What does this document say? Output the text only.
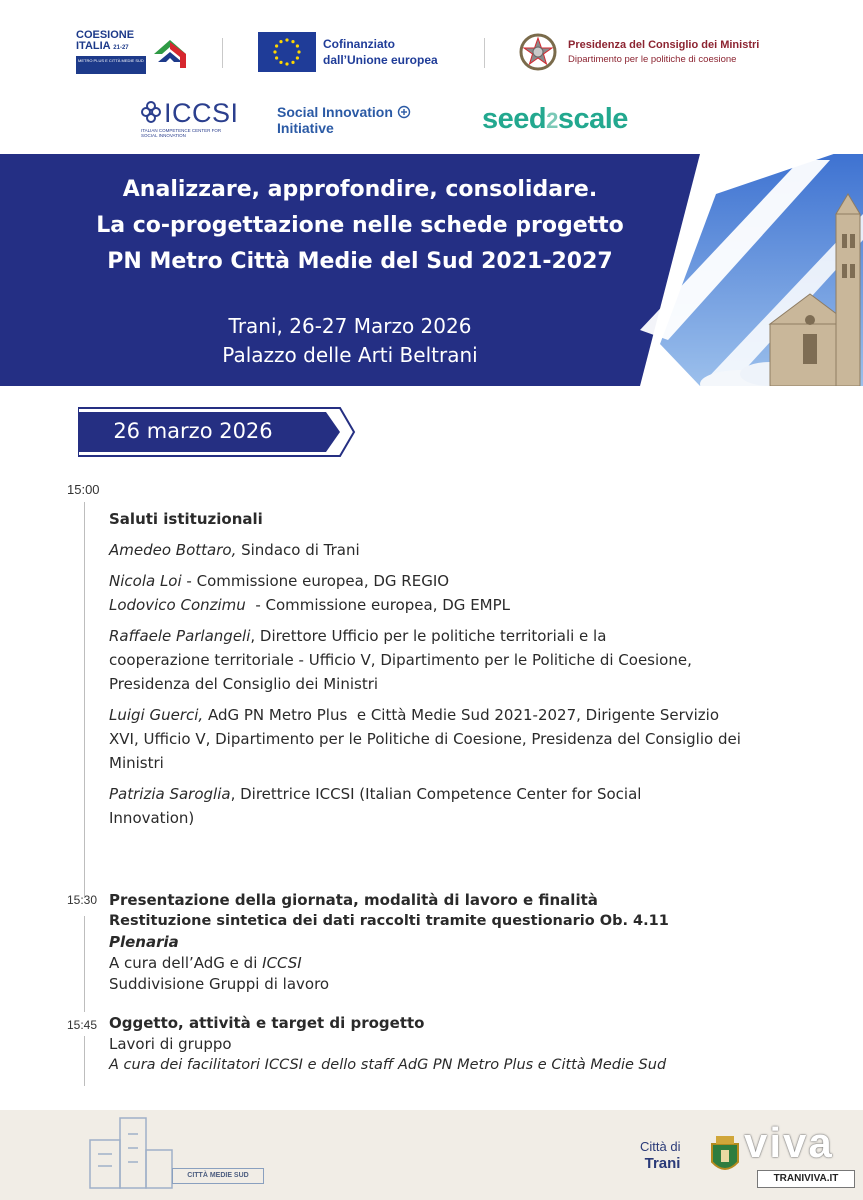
COESIONE
ITALIA 21-27
METRO PLUS E CITTÀ MEDIE SUD
Cofinanziato
dall’Unione europea
Presidenza del Consiglio dei Ministri
Dipartimento per le politiche di coesione
ICCSI
ITALIAN COMPETENCE CENTER FOR SOCIAL INNOVATION
Social Innovation
Initiative	seed2scale
Analizzare, approfondire, consolidare.
La co-progettazione nelle schede progetto
PN Metro Città Medie del Sud 2021-2027
Trani, 26-27 Marzo 2026
Palazzo delle Arti Beltrani
26 marzo 2026
15:00
Saluti istituzionali
Amedeo Bottaro, Sindaco di Trani
Nicola Loi - Commissione europea, DG REGIO
Lodovico Conzimu  - Commissione europea, DG EMPL
Raffaele Parlangeli, Direttore Ufficio per le politiche territoriali e la cooperazione territoriale - Ufficio V, Dipartimento per le Politiche di Coesione, Presidenza del Consiglio dei Ministri
Luigi Guerci, AdG PN Metro Plus  e Città Medie Sud 2021-2027, Dirigente Servizio XVI, Ufficio V, Dipartimento per le Politiche di Coesione, Presidenza del Consiglio dei Ministri
Patrizia Saroglia, Direttrice ICCSI (Italian Competence Center for Social Innovation)
15:30 Presentazione della giornata, modalità di lavoro e finalità
Restituzione sintetica dei dati raccolti tramite questionario Ob. 4.11
Plenaria
A cura dell’AdG e di ICCSI
Suddivisione Gruppi di lavoro
15:45 Oggetto, attività e target di progetto
Lavori di gruppo
A cura dei facilitatori ICCSI e dello staff AdG PN Metro Plus e Città Medie Sud
CITTÀ MEDIE SUD
Città di
Trani viva
TRANIVIVA.IT
